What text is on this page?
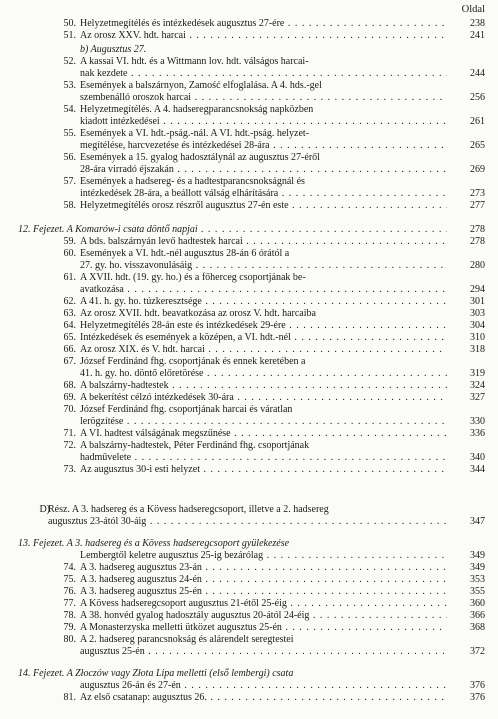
Oldal
50. Helyzetmegítélés és intézkedések augusztus 27-ére . . .	238
51. Az orosz XXV. hdt. harcai . . .	241
b) Augusztus 27.
52. A kassai VI. hdt. és a Wittmann lov. hdt. válságos harcai-
nak kezdete . . .	244
53. Események a balszárnyon, Zamość elfoglalása. A 4. hds.-gel
szembenálló oroszok harcai . . .	256
54. Helyzetmegítélés. A 4. hadseregparancsnokság napközben
kiadott intézkedései . . .	261
55. Események a VI. hdt.-pság.-nál. A VI. hdt.-pság. helyzet-
megítélése, harcvezetése és intézkedései 28-ára . . .	265
56. Események a 15. gyalog hadosztálynál az augusztus 27-éről
28-ára virradó éjszakán . . .	269
57. Események a hadsereg- és a hadtestparancsnokságnál és
intézkedések 28-ára, a beállott válság elhárítására . . .	273
58. Helyzetmegítélés orosz részről augusztus 27-én este . . .	277
12. Fejezet. A Komarów-i csata döntő napjai . . .	278
59. A bds. balszárnyán levő hadtestek harcai . . .	278
60. Események a VI. hdt.-nél augusztus 28-án 6 órától a
27. gy. ho. visszavonulásáig . . .	280
61. A XVII. hdt. (19. gy. ho.) és a főherceg csoportjának be-
avatkozása . . .	294
62. A 41. h. gy. ho. túzkeresztsége . . .	301
63. Az orosz XVII. hdt. beavatkozása az orosz V. hdt. harcaiba	303
64. Helyzetmegítélés 28-án este és intézkedések 29-ére . . .	304
65. Intézkedések és események a középen, a VI. hdt.-nél . . .	310
66. Az orosz XIX. és V. hdt. harcai . . .	318
67. József Ferdinánd fhg. csoportjának és ennek keretében a
41. h. gy. ho. döntő előretörése . . .	319
68. A balszárny-hadtestek . . .	324
69. A bekerítést célzó intézkedések 30-ára . . .	327
70. József Ferdinánd fhg. csoportjának harcai és váratlan
lerögzítése . . .	330
71. A VI. hadtest válságának megszűnése . . .	336
72. A balszárny-hadtestek, Péter Ferdinánd fhg. csoportjának
hadművelete . . .	340
73. Az augusztus 30-i esti helyzet . . .	344
D)
Rész. A 3. hadsereg és a Kövess hadseregcsoport, illetve a 2. hadsereg
augusztus 23-ától 30-áig . . .	347
13. Fejezet. A 3. hadsereg és a Kövess hadseregcsoport gyülekezése
Lembergtől keletre augusztus 25-ig bezárólag . . .	349
74. A 3. hadsereg augusztus 23-án . . .	349
75. A 3. hadsereg augusztus 24-én . . .	353
76. A 3. hadsereg augusztus 25-én . . .	355
77. A Kövess hadseregcsoport augusztus 21-étől 25-éig . . .	360
78. A 38. honvéd gyalog hadosztály augusztus 20-ától 24-éig . . .	366
79. A Monasterzyska melletti ütközet augusztus 25-én . . .	368
80. A 2. hadsereg parancsnokság és alárendelt seregtestei
augusztus 25-én . . .	372
14. Fejezet. A Złoczów vagy Złota Lipa melletti (első lembergi) csata
augusztus 26-án és 27-én . . .	376
81. Az első csatanap: augusztus 26. . . .	376
